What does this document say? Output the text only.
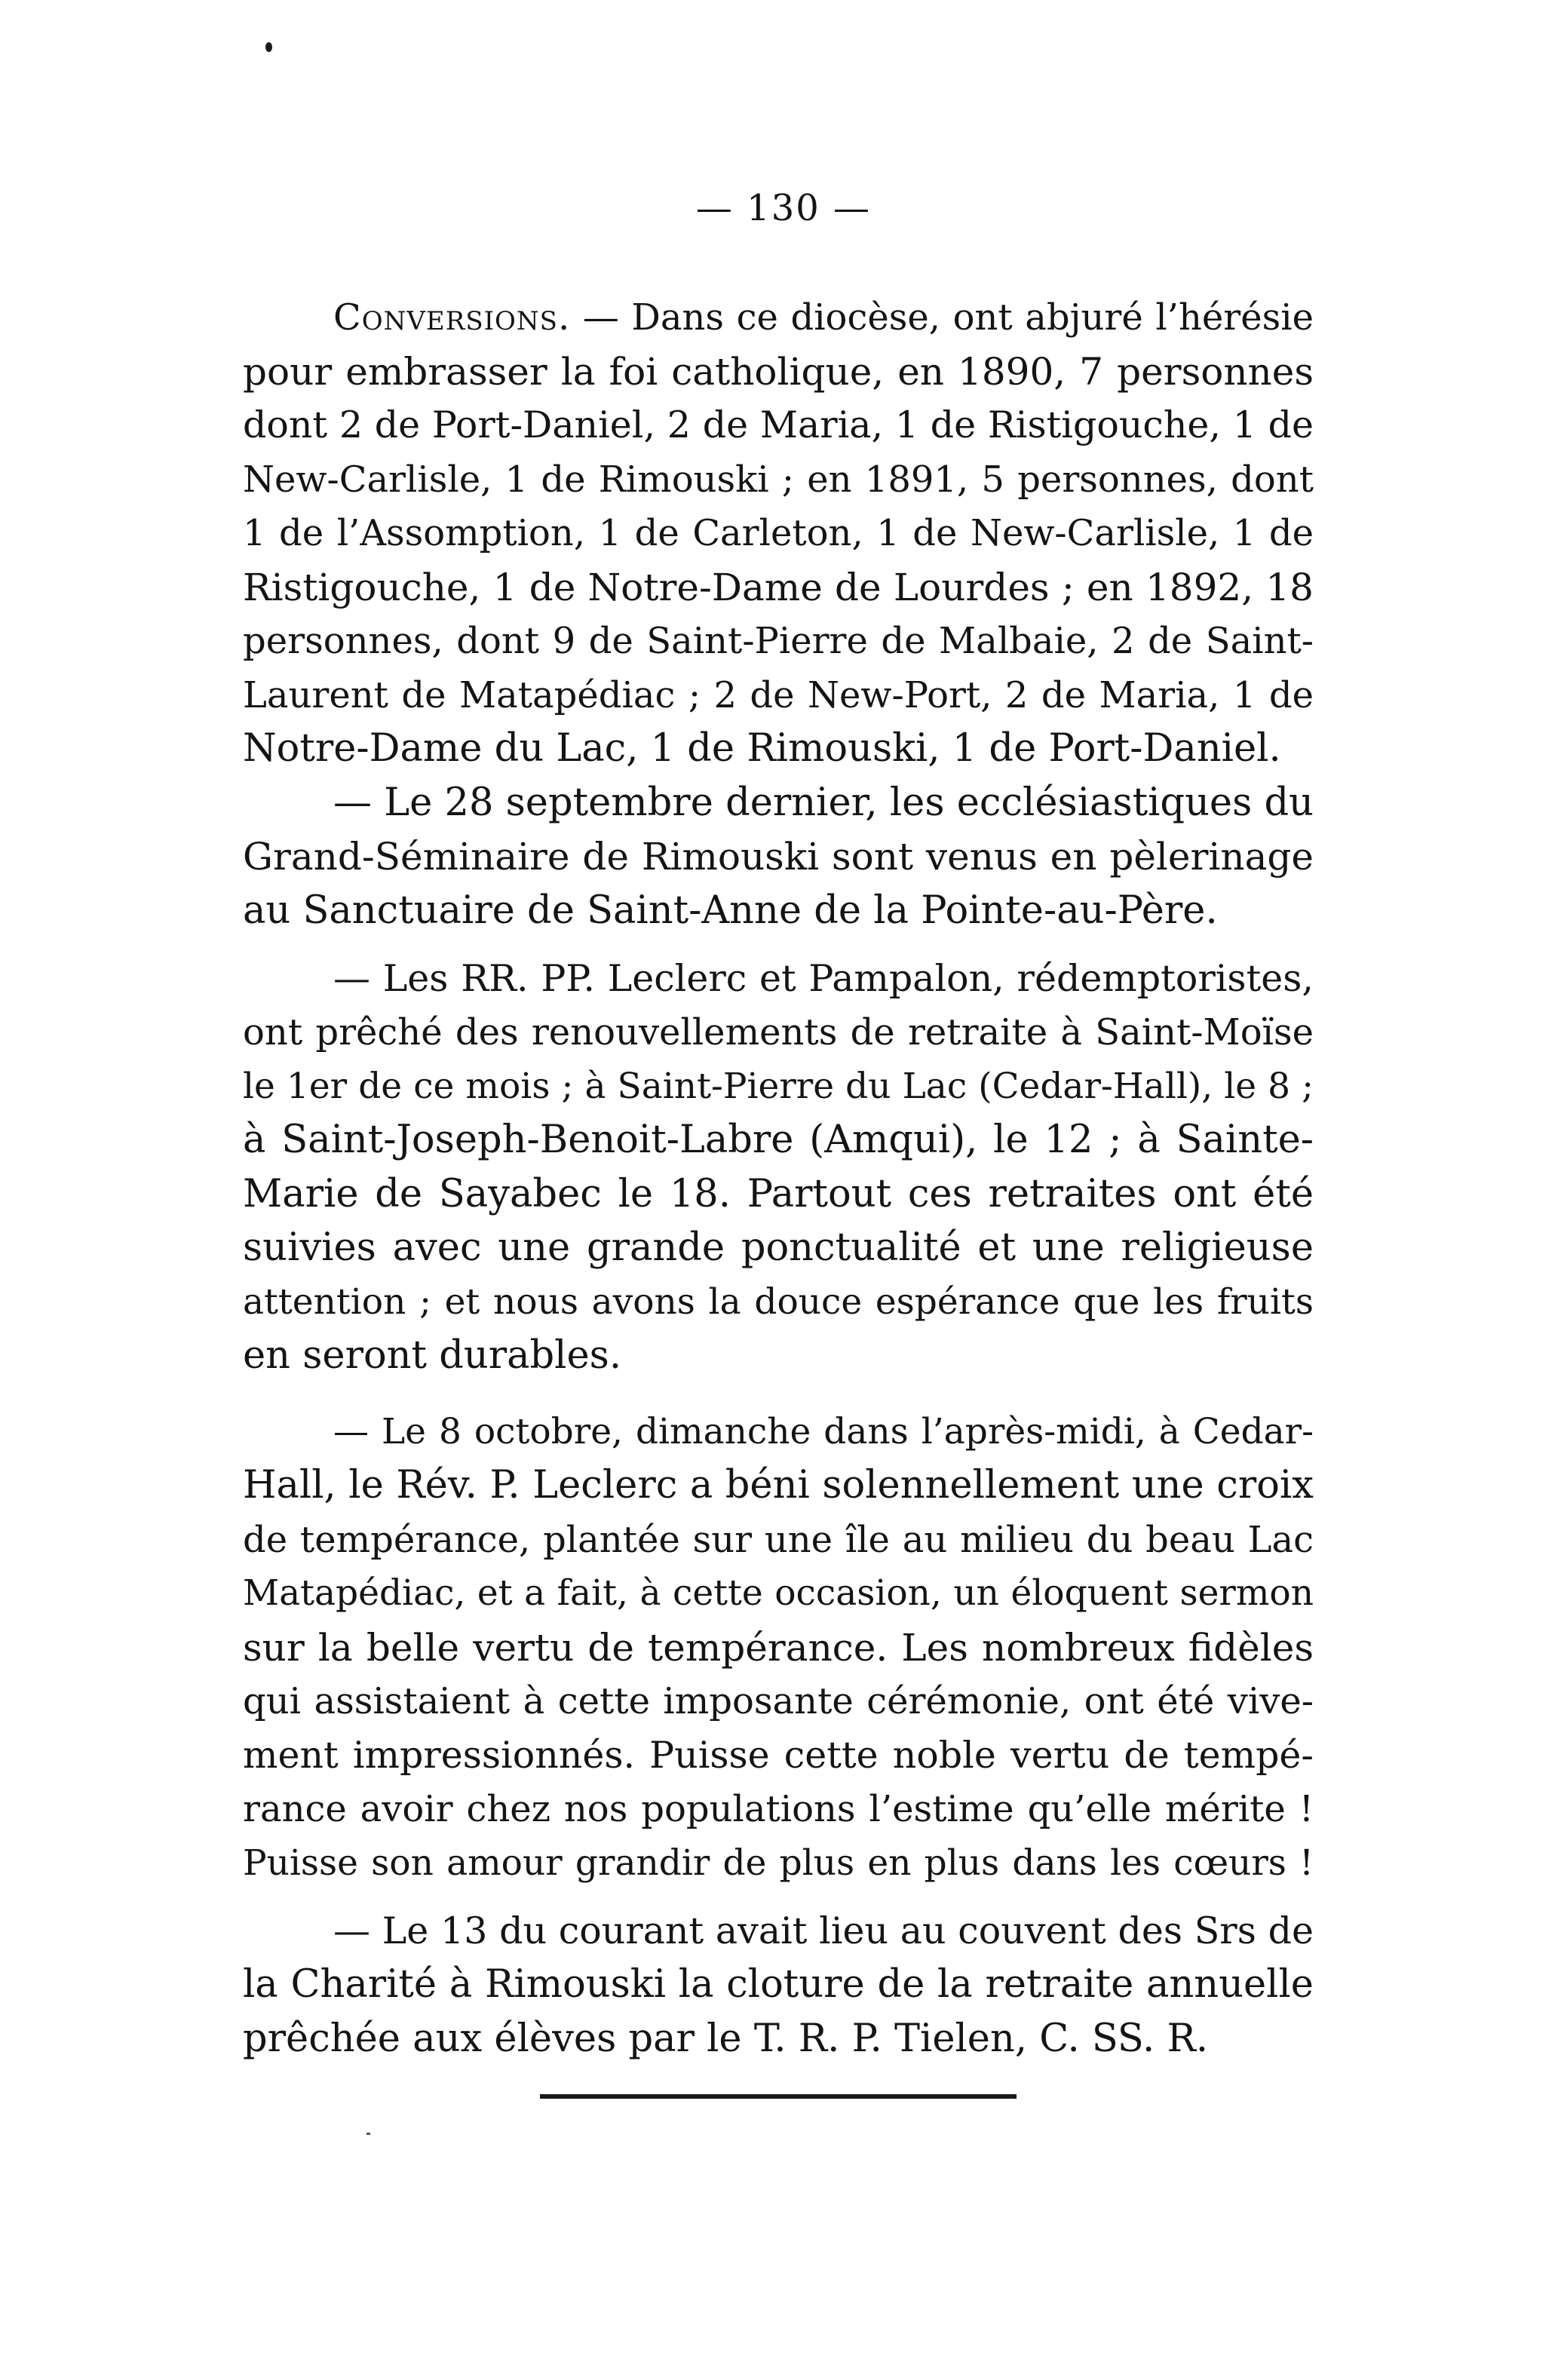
— 130 —
Conversions. — Dans ce diocèse, ont abjuré l’hérésie
pour embrasser la foi catholique, en 1890, 7 personnes
dont 2 de Port-Daniel, 2 de Maria, 1 de Ristigouche, 1 de
New-Carlisle, 1 de Rimouski ; en 1891, 5 personnes, dont
1 de l’Assomption, 1 de Carleton, 1 de New-Carlisle, 1 de
Ristigouche, 1 de Notre-Dame de Lourdes ; en 1892, 18
personnes, dont 9 de Saint-Pierre de Malbaie, 2 de Saint-
Laurent de Matapédiac ; 2 de New-Port, 2 de Maria, 1 de
Notre-Dame du Lac, 1 de Rimouski, 1 de Port-Daniel.
— Le 28 septembre dernier, les ecclésiastiques du
Grand-Séminaire de Rimouski sont venus en pèlerinage
au Sanctuaire de Saint-Anne de la Pointe-au-Père.
— Les RR. PP. Leclerc et Pampalon, rédemptoristes,
ont prêché des renouvellements de retraite à Saint-Moïse
le 1er de ce mois ; à Saint-Pierre du Lac (Cedar-Hall), le 8 ;
à Saint-Joseph-Benoit-Labre (Amqui), le 12 ; à Sainte-
Marie de Sayabec le 18. Partout ces retraites ont été
suivies avec une grande ponctualité et une religieuse
attention ; et nous avons la douce espérance que les fruits
en seront durables.
— Le 8 octobre, dimanche dans l’après-midi, à Cedar-
Hall, le Rév. P. Leclerc a béni solennellement une croix
de tempérance, plantée sur une île au milieu du beau Lac
Matapédiac, et a fait, à cette occasion, un éloquent sermon
sur la belle vertu de tempérance. Les nombreux fidèles
qui assistaient à cette imposante cérémonie, ont été vive-
ment impressionnés. Puisse cette noble vertu de tempé-
rance avoir chez nos populations l’estime qu’elle mérite !
Puisse son amour grandir de plus en plus dans les cœurs !
— Le 13 du courant avait lieu au couvent des Srs de
la Charité à Rimouski la cloture de la retraite annuelle
prêchée aux élèves par le T. R. P. Tielen, C. SS. R.
